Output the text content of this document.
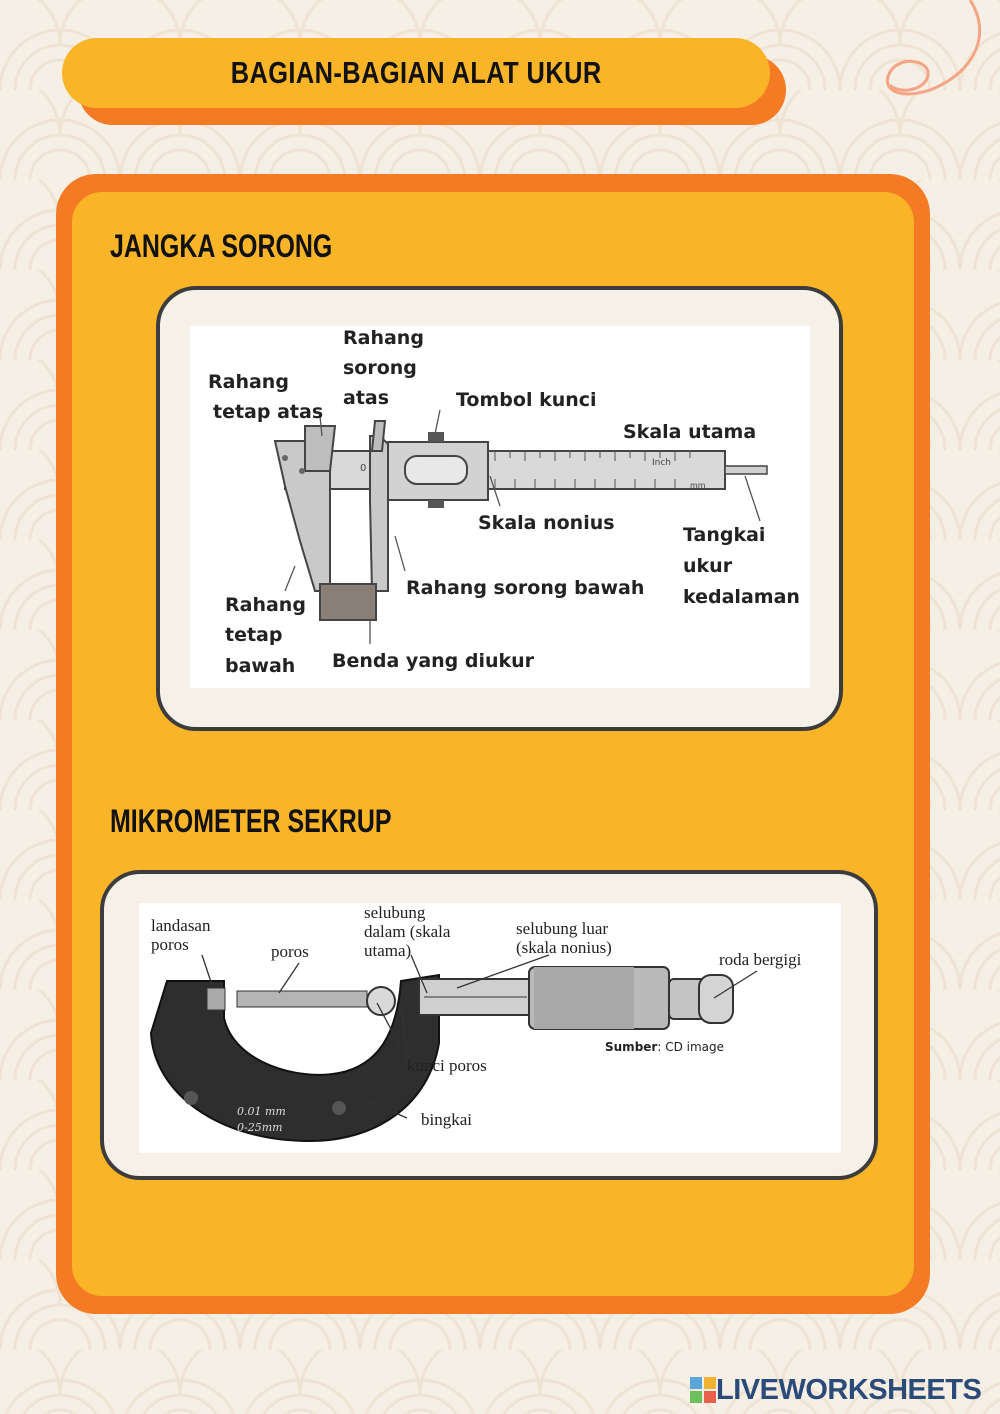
BAGIAN-BAGIAN ALAT UKUR
JANGKA SORONG
Inch
mm
0
Rahang
tetap atas
Rahang
sorong
atas	Tombol kunci
Skala utama
Skala nonius
Tangkai
ukur
kedalaman
Rahang sorong bawah
Rahang
tetap
bawah Benda yang diukur
MIKROMETER SEKRUP
0.01 mm
0-25mm
landasan
poros	poros
selubung
dalam (skala
utama)
selubung luar
(skala nonius)
roda bergigi
kunci poros
bingkai
Sumber: CD image
LIVEWORKSHEETS
